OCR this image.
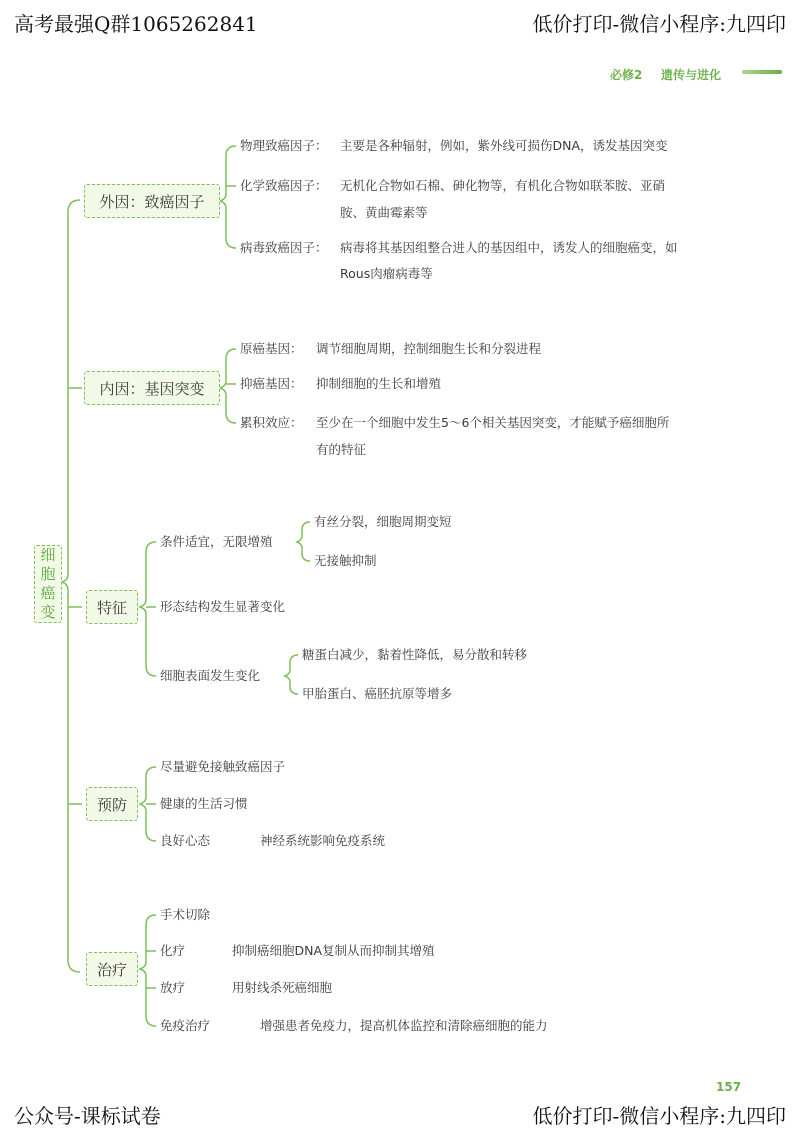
高考最强Q群1065262841	低价打印-微信小程序:九四印
公众号-课标试卷	低价打印-微信小程序:九四印
必修2 遗传与进化
细
胞
癌
变
外因：致癌因子
物理致癌因子： 主要是各种辐射，例如，紫外线可损伤DNA，诱发基因突变
化学致癌因子： 无机化合物如石棉、砷化物等，有机化合物如联苯胺、亚硝
胺、黄曲霉素等
病毒致癌因子： 病毒将其基因组整合进人的基因组中，诱发人的细胞癌变，如
Rous肉瘤病毒等
内因：基因突变
原癌基因： 调节细胞周期，控制细胞生长和分裂进程
抑癌基因： 抑制细胞的生长和增殖
累积效应： 至少在一个细胞中发生5～6个相关基因突变，才能赋予癌细胞所
有的特征
特征
条件适宜，无限增殖
有丝分裂，细胞周期变短
无接触抑制
形态结构发生显著变化
细胞表面发生变化
糖蛋白减少，黏着性降低，易分散和转移
甲胎蛋白、癌胚抗原等增多
预防
尽量避免接触致癌因子
健康的生活习惯
良好心态	神经系统影响免疫系统
治疗
手术切除
化疗	抑制癌细胞DNA复制从而抑制其增殖
放疗	用射线杀死癌细胞
免疫治疗	增强患者免疫力，提高机体监控和清除癌细胞的能力
157
